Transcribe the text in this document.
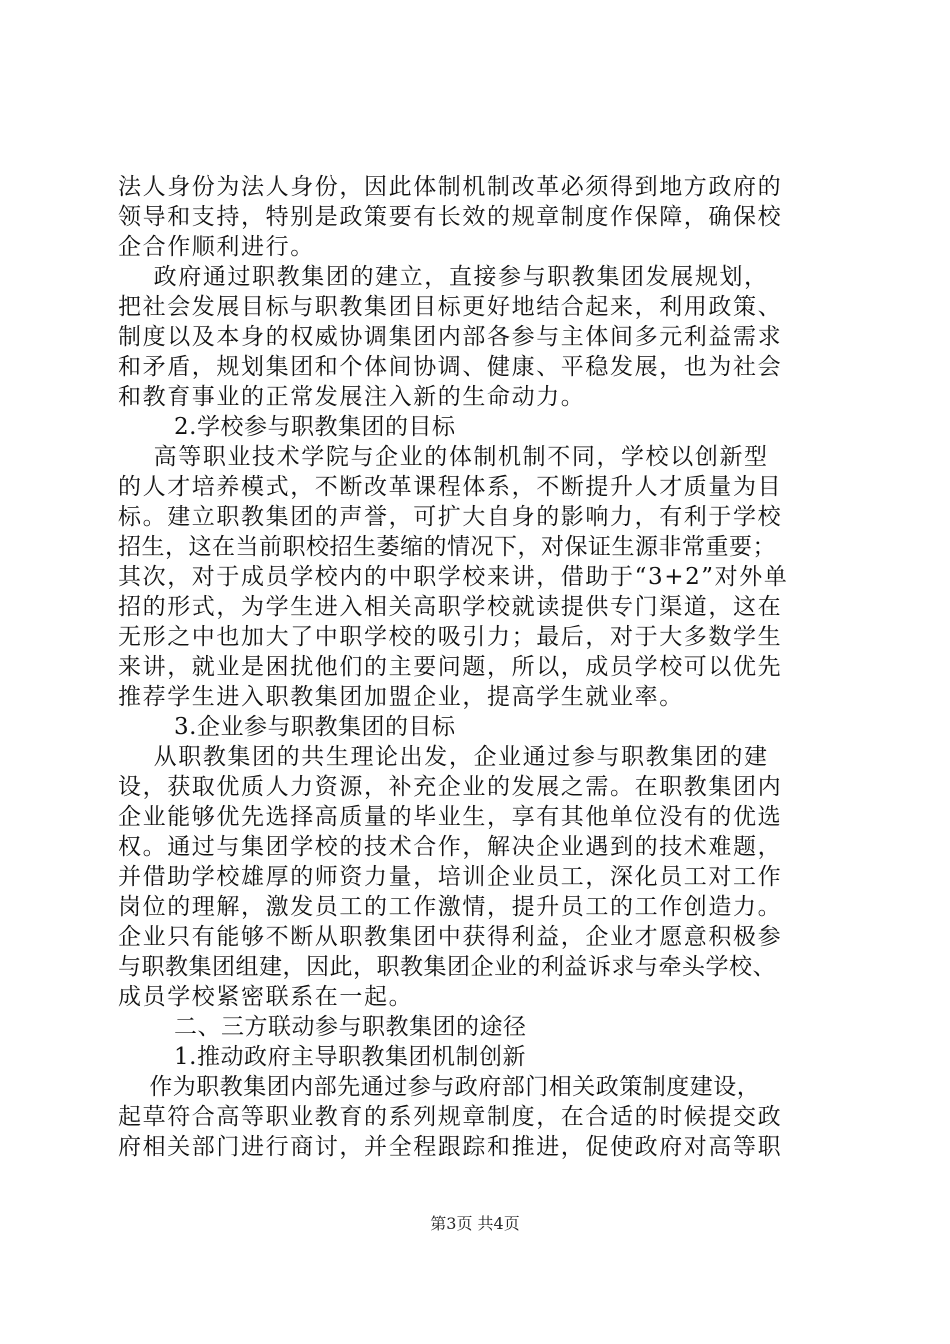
法人身份为法人身份，因此体制机制改革必须得到地方政府的
领导和支持，特别是政策要有长效的规章制度作保障，确保校
企合作顺利进行。
政府通过职教集团的建立，直接参与职教集团发展规划，
把社会发展目标与职教集团目标更好地结合起来，利用政策、
制度以及本身的权威协调集团内部各参与主体间多元利益需求
和矛盾，规划集团和个体间协调、健康、平稳发展，也为社会
和教育事业的正常发展注入新的生命动力。
2.学校参与职教集团的目标
高等职业技术学院与企业的体制机制不同，学校以创新型
的人才培养模式，不断改革课程体系，不断提升人才质量为目
标。建立职教集团的声誉，可扩大自身的影响力，有利于学校
招生，这在当前职校招生萎缩的情况下，对保证生源非常重要；
其次，对于成员学校内的中职学校来讲，借助于“3+2”对外单
招的形式，为学生进入相关高职学校就读提供专门渠道，这在
无形之中也加大了中职学校的吸引力；最后，对于大多数学生
来讲，就业是困扰他们的主要问题，所以，成员学校可以优先
推荐学生进入职教集团加盟企业，提高学生就业率。
3.企业参与职教集团的目标
从职教集团的共生理论出发，企业通过参与职教集团的建
设，获取优质人力资源，补充企业的发展之需。在职教集团内
企业能够优先选择高质量的毕业生，享有其他单位没有的优选
权。通过与集团学校的技术合作，解决企业遇到的技术难题，
并借助学校雄厚的师资力量，培训企业员工，深化员工对工作
岗位的理解，激发员工的工作激情，提升员工的工作创造力。
企业只有能够不断从职教集团中获得利益，企业才愿意积极参
与职教集团组建，因此，职教集团企业的利益诉求与牵头学校、
成员学校紧密联系在一起。
二、三方联动参与职教集团的途径
1.推动政府主导职教集团机制创新
作为职教集团内部先通过参与政府部门相关政策制度建设，
起草符合高等职业教育的系列规章制度，在合适的时候提交政
府相关部门进行商讨，并全程跟踪和推进，促使政府对高等职
第3页 共4页
